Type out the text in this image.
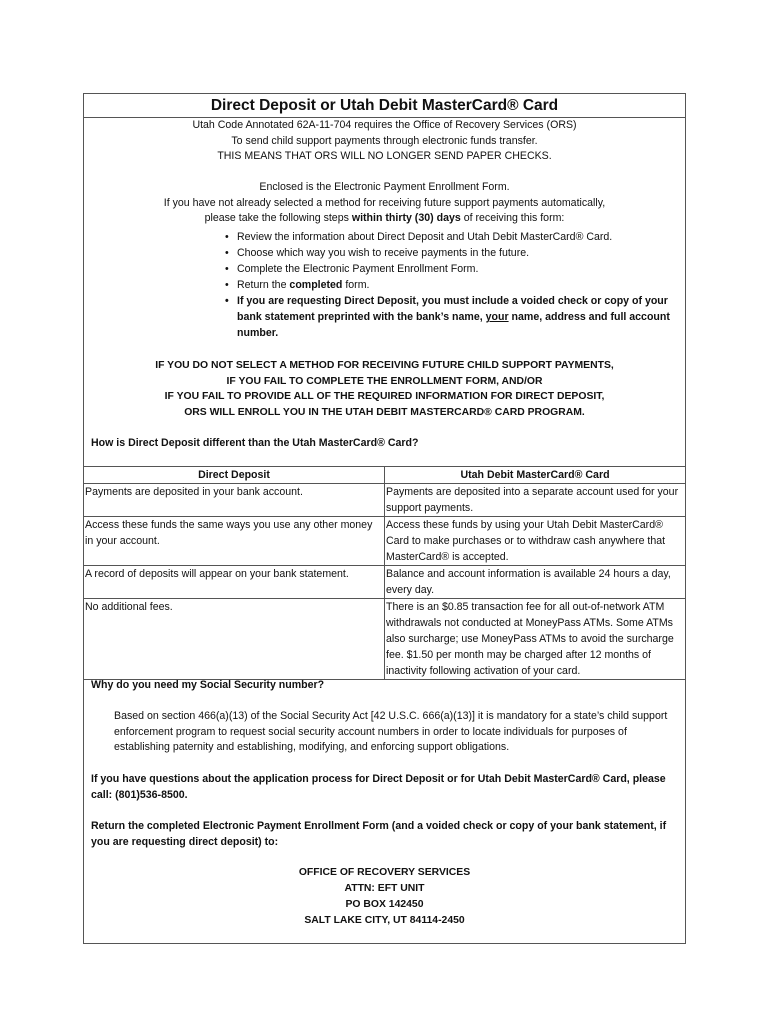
Direct Deposit or Utah Debit MasterCard® Card
Utah Code Annotated 62A-11-704 requires the Office of Recovery Services (ORS)
To send child support payments through electronic funds transfer.
THIS MEANS THAT ORS WILL NO LONGER SEND PAPER CHECKS.
Enclosed is the Electronic Payment Enrollment Form.
If you have not already selected a method for receiving future support payments automatically,
please take the following steps within thirty (30) days of receiving this form:
• Review the information about Direct Deposit and Utah Debit MasterCard® Card.
• Choose which way you wish to receive payments in the future.
• Complete the Electronic Payment Enrollment Form.
• Return the completed form.
• If you are requesting Direct Deposit, you must include a voided check or copy of your bank statement preprinted with the bank’s name, your name, address and full account number.
IF YOU DO NOT SELECT A METHOD FOR RECEIVING FUTURE CHILD SUPPORT PAYMENTS,
IF YOU FAIL TO COMPLETE THE ENROLLMENT FORM, AND/OR
IF YOU FAIL TO PROVIDE ALL OF THE REQUIRED INFORMATION FOR DIRECT DEPOSIT,
ORS WILL ENROLL YOU IN THE UTAH DEBIT MASTERCARD® CARD PROGRAM.
How is Direct Deposit different than the Utah MasterCard® Card?
Direct Deposit	Utah Debit MasterCard® Card
Payments are deposited in your bank account.	Payments are deposited into a separate account used for your support payments.
Access these funds the same ways you use any other money in your account.	Access these funds by using your Utah Debit MasterCard® Card to make purchases or to withdraw cash anywhere that MasterCard® is accepted.
A record of deposits will appear on your bank statement.	Balance and account information is available 24 hours a day, every day.
No additional fees.	There is an $0.85 transaction fee for all out-of-network ATM withdrawals not conducted at MoneyPass ATMs. Some ATMs also surcharge; use MoneyPass ATMs to avoid the surcharge fee. $1.50 per month may be charged after 12 months of inactivity following activation of your card.
Why do you need my Social Security number?
Based on section 466(a)(13) of the Social Security Act [42 U.S.C. 666(a)(13)] it is mandatory for a state’s child support enforcement program to request social security account numbers in order to locate individuals for purposes of establishing paternity and establishing, modifying, and enforcing support obligations.
If you have questions about the application process for Direct Deposit or for Utah Debit MasterCard® Card, please call: (801)536-8500.
Return the completed Electronic Payment Enrollment Form (and a voided check or copy of your bank statement, if you are requesting direct deposit) to:
OFFICE OF RECOVERY SERVICES
ATTN: EFT UNIT
PO BOX 142450
SALT LAKE CITY, UT 84114-2450
